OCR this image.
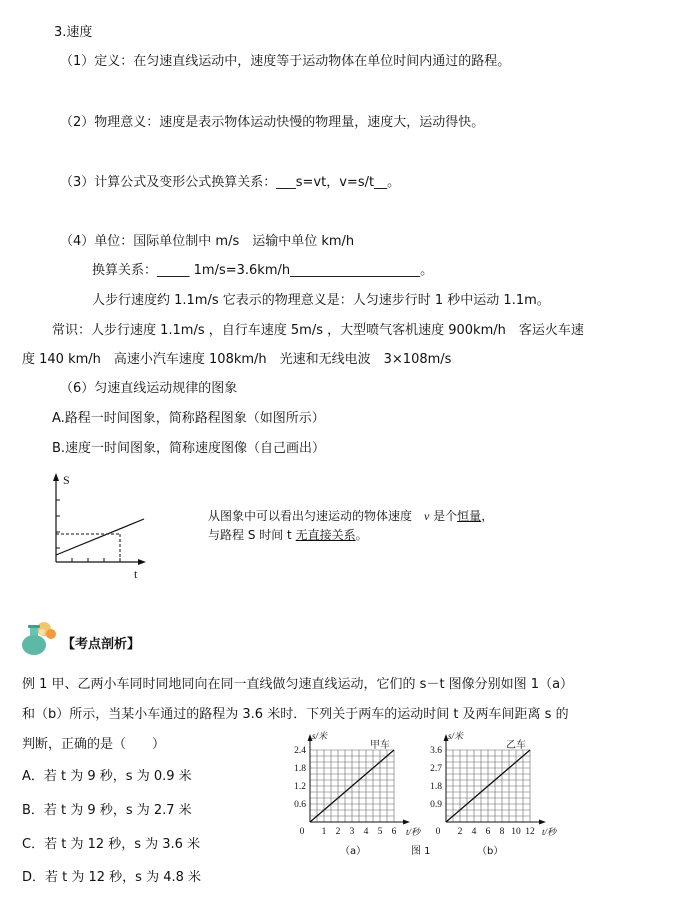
3.速度
（1）定义：在匀速直线运动中，速度等于运动物体在单位时间内通过的路程。
（2）物理意义：速度是表示物体运动快慢的物理量，速度大，运动得快。
（3）计算公式及变形公式换算关系：___s=vt，v=s/t__。
（4）单位：国际单位制中 m/s　运输中单位 km/h
换算关系：_____ 1m/s=3.6km/h____________________。
人步行速度约 1.1m/s 它表示的物理意义是：人匀速步行时 1 秒中运动 1.1m。
常识：人步行速度 1.1m/s ，自行车速度 5m/s ，大型喷气客机速度 900km/h　客运火车速
度 140 km/h　高速小汽车速度 108km/h　光速和无线电波　3×108m/s
（6）匀速直线运动规律的图象
A.路程一时间图象，简称路程图象（如图所示）
B.速度一时间图象，简称速度图像（自己画出）
S
t
从图象中可以看出匀速运动的物体速度　v 是个恒量，
与路程 S 时间 t 无直接关系。
【考点剖析】
例 1 甲、乙两小车同时同地同向在同一直线做匀速直线运动，它们的 s－t 图像分别如图 1（a）
和（b）所示，当某小车通过的路程为 3.6 米时．下列关于两车的运动时间 t 及两车间距离 s 的
判断，正确的是（　　）
A．若 t 为 9 秒，s 为 0.9 米
B．若 t 为 9 秒，s 为 2.7 米
C．若 t 为 12 秒，s 为 3.6 米
D．若 t 为 12 秒，s 为 4.8 米
1 2 3 4 5 6
0.6
1.2
1.8
2.4
0
s/米
t/秒
甲车
2 4 6 8 10 12
0.9
1.8
2.7
3.6
0
s/米
t/秒
乙车
（a）	图 1	（b）
